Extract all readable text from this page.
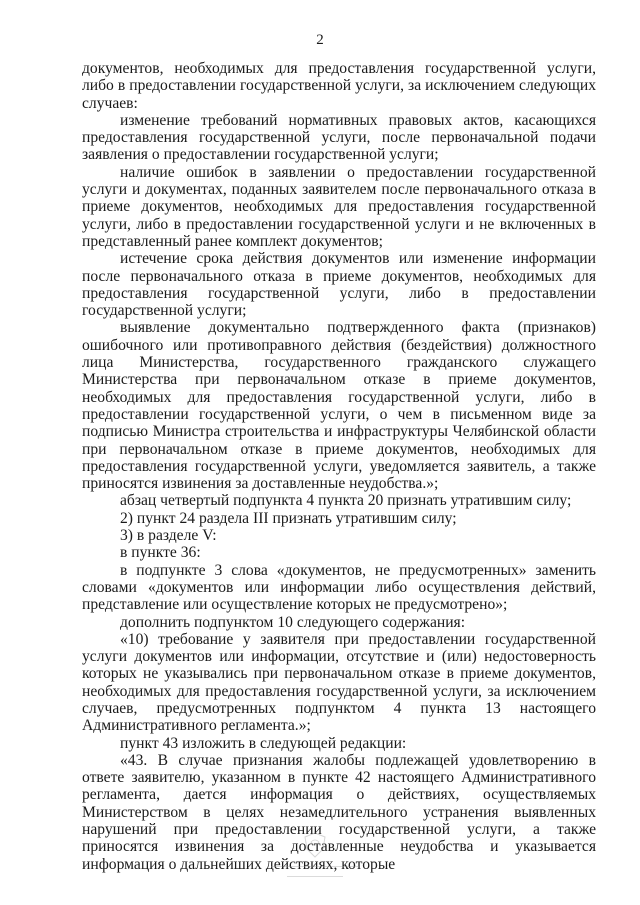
2

документов, необходимых для предоставления государственной услуги, либо в предоставлении государственной услуги, за исключением следующих случаев:

изменение требований нормативных правовых актов, касающихся предоставления государственной услуги, после первоначальной подачи заявления о предоставлении государственной услуги;

наличие ошибок в заявлении о предоставлении государственной услуги и документах, поданных заявителем после первоначального отказа в приеме документов, необходимых для предоставления государственной услуги, либо в предоставлении государственной услуги и не включенных в представленный ранее комплект документов;

истечение срока действия документов или изменение информации после первоначального отказа в приеме документов, необходимых для предоставления государственной услуги, либо в предоставлении государственной услуги;

выявление документально подтвержденного факта (признаков) ошибочного или противоправного действия (бездействия) должностного лица Министерства, государственного гражданского служащего Министерства при первоначальном отказе в приеме документов, необходимых для предоставления государственной услуги, либо в предоставлении государственной услуги, о чем в письменном виде за подписью Министра строительства и инфраструктуры Челябинской области при первоначальном отказе в приеме документов, необходимых для предоставления государственной услуги, уведомляется заявитель, а также приносятся извинения за доставленные неудобства.»;

абзац четвертый подпункта 4 пункта 20 признать утратившим силу;

2) пункт 24 раздела III признать утратившим силу;

3) в разделе V:

в пункте 36:

в подпункте 3 слова «документов, не предусмотренных» заменить словами «документов или информации либо осуществления действий, представление или осуществление которых не предусмотрено»;

дополнить подпунктом 10 следующего содержания:

«10) требование у заявителя при предоставлении государственной услуги документов или информации, отсутствие и (или) недостоверность которых не указывались при первоначальном отказе в приеме документов, необходимых для предоставления государственной услуги, за исключением случаев, предусмотренных подпунктом 4 пункта 13 настоящего Административного регламента.»;

пункт 43 изложить в следующей редакции:

«43. В случае признания жалобы подлежащей удовлетворению в ответе заявителю, указанном в пункте 42 настоящего Административного регламента, дается информация о действиях, осуществляемых Министерством в целях незамедлительного устранения выявленных нарушений при предоставлении государственной услуги, а также приносятся извинения за доставленные неудобства и указывается информация о дальнейших действиях, которые
